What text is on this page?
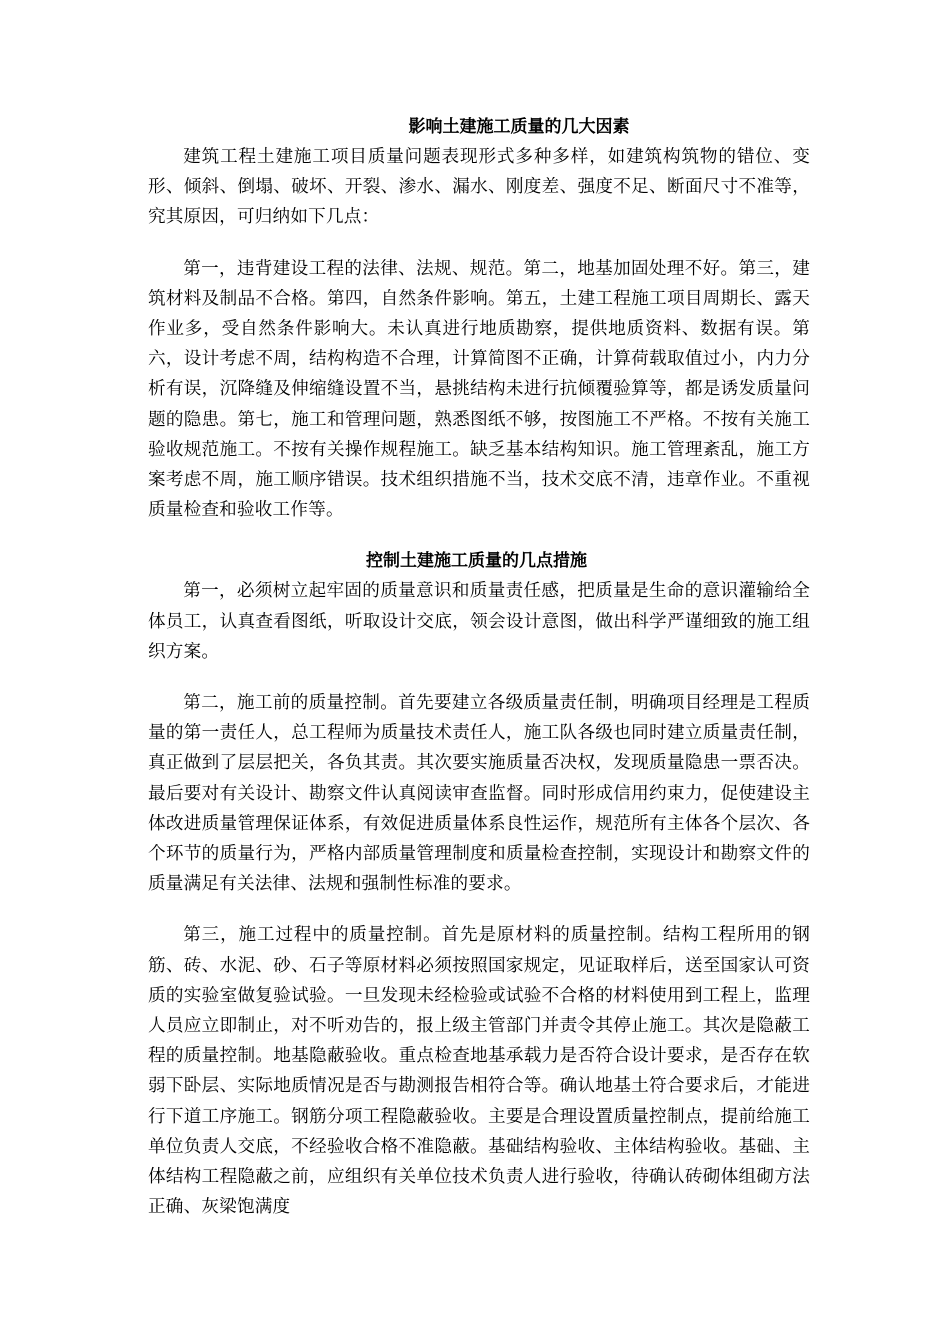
影响土建施工质量的几大因素

建筑工程土建施工项目质量问题表现形式多种多样，如建筑构筑物的错位、变形、倾斜、倒塌、破坏、开裂、渗水、漏水、刚度差、强度不足、断面尺寸不准等，究其原因，可归纳如下几点：

第一，违背建设工程的法律、法规、规范。第二，地基加固处理不好。第三，建筑材料及制品不合格。第四，自然条件影响。第五，土建工程施工项目周期长、露天作业多，受自然条件影响大。未认真进行地质勘察，提供地质资料、数据有误。第六，设计考虑不周，结构构造不合理，计算简图不正确，计算荷载取值过小，内力分析有误，沉降缝及伸缩缝设置不当，悬挑结构未进行抗倾覆验算等，都是诱发质量问题的隐患。第七，施工和管理问题，熟悉图纸不够，按图施工不严格。不按有关施工验收规范施工。不按有关操作规程施工。缺乏基本结构知识。施工管理紊乱，施工方案考虑不周，施工顺序错误。技术组织措施不当，技术交底不清，违章作业。不重视质量检查和验收工作等。

控制土建施工质量的几点措施

第一，必须树立起牢固的质量意识和质量责任感，把质量是生命的意识灌输给全体员工，认真查看图纸，听取设计交底，领会设计意图，做出科学严谨细致的施工组织方案。

第二，施工前的质量控制。首先要建立各级质量责任制，明确项目经理是工程质量的第一责任人，总工程师为质量技术责任人，施工队各级也同时建立质量责任制，真正做到了层层把关，各负其责。其次要实施质量否决权，发现质量隐患一票否决。最后要对有关设计、勘察文件认真阅读审查监督。同时形成信用约束力，促使建设主体改进质量管理保证体系，有效促进质量体系良性运作，规范所有主体各个层次、各个环节的质量行为，严格内部质量管理制度和质量检查控制，实现设计和勘察文件的质量满足有关法律、法规和强制性标准的要求。

第三，施工过程中的质量控制。首先是原材料的质量控制。结构工程所用的钢筋、砖、水泥、砂、石子等原材料必须按照国家规定，见证取样后，送至国家认可资质的实验室做复验试验。一旦发现未经检验或试验不合格的材料使用到工程上，监理人员应立即制止，对不听劝告的，报上级主管部门并责令其停止施工。其次是隐蔽工程的质量控制。地基隐蔽验收。重点检查地基承载力是否符合设计要求，是否存在软弱下卧层、实际地质情况是否与勘测报告相符合等。确认地基土符合要求后，才能进行下道工序施工。钢筋分项工程隐蔽验收。主要是合理设置质量控制点，提前给施工单位负责人交底，不经验收合格不准隐蔽。基础结构验收、主体结构验收。基础、主体结构工程隐蔽之前，应组织有关单位技术负责人进行验收，待确认砖砌体组砌方法正确、灰梁饱满度
